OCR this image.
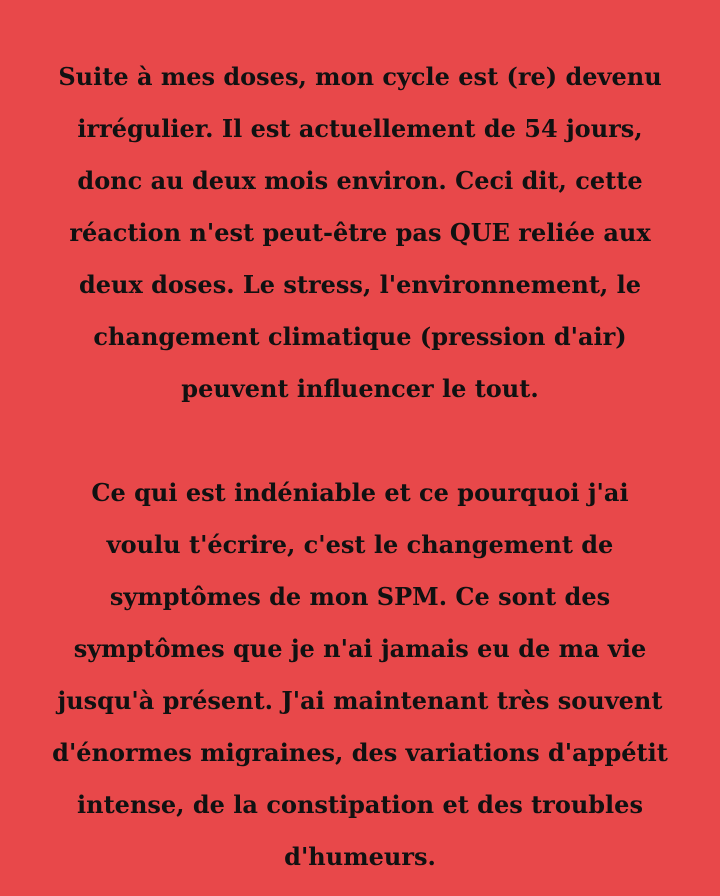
Suite à mes doses, mon cycle est (re) devenu
irrégulier. Il est actuellement de 54 jours,
donc au deux mois environ. Ceci dit, cette
réaction n'est peut-être pas QUE reliée aux
deux doses. Le stress, l'environnement, le
changement climatique (pression d'air)
peuvent influencer le tout.

Ce qui est indéniable et ce pourquoi j'ai
voulu t'écrire, c'est le changement de
symptômes de mon SPM. Ce sont des
symptômes que je n'ai jamais eu de ma vie
jusqu'à présent. J'ai maintenant très souvent
d'énormes migraines, des variations d'appétit
intense, de la constipation et des troubles
d'humeurs.
